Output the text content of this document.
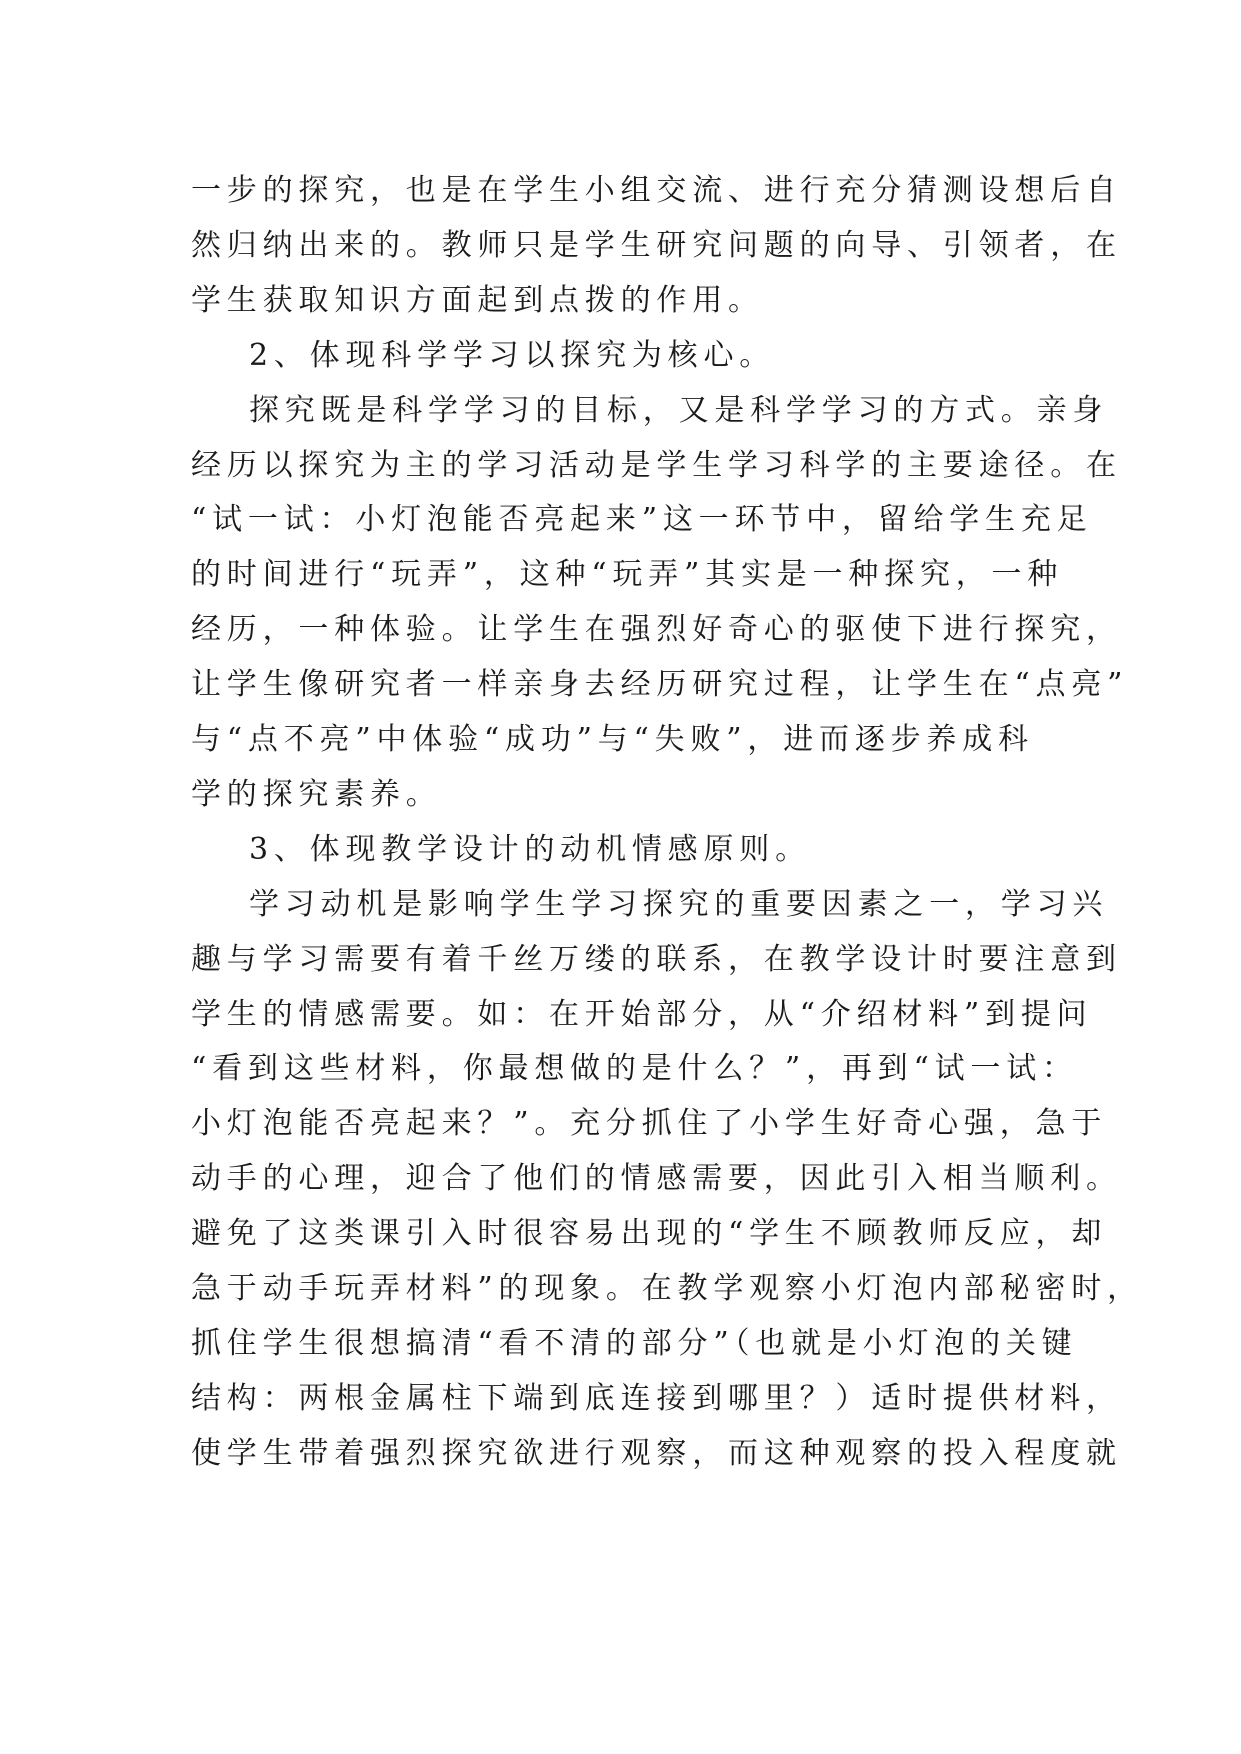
一步的探究，也是在学生小组交流、进行充分猜测设想后自
然归纳出来的。教师只是学生研究问题的向导、引领者，在
学生获取知识方面起到点拨的作用。
2、体现科学学习以探究为核心。
探究既是科学学习的目标，又是科学学习的方式。亲身
经历以探究为主的学习活动是学生学习科学的主要途径。在
“试一试：小灯泡能否亮起来”这一环节中，留给学生充足
的时间进行“玩弄”，这种“玩弄”其实是一种探究，一种
经历，一种体验。让学生在强烈好奇心的驱使下进行探究，
让学生像研究者一样亲身去经历研究过程，让学生在“点亮”
与“点不亮”中体验“成功”与“失败”，进而逐步养成科
学的探究素养。
3、体现教学设计的动机情感原则。
学习动机是影响学生学习探究的重要因素之一，学习兴
趣与学习需要有着千丝万缕的联系，在教学设计时要注意到
学生的情感需要。如：在开始部分，从“介绍材料”到提问
“看到这些材料，你最想做的是什么？”，再到“试一试：
小灯泡能否亮起来？”。充分抓住了小学生好奇心强，急于
动手的心理，迎合了他们的情感需要，因此引入相当顺利。
避免了这类课引入时很容易出现的“学生不顾教师反应，却
急于动手玩弄材料”的现象。在教学观察小灯泡内部秘密时，
抓住学生很想搞清“看不清的部分”（也就是小灯泡的关键
结构：两根金属柱下端到底连接到哪里？）适时提供材料，
使学生带着强烈探究欲进行观察，而这种观察的投入程度就
